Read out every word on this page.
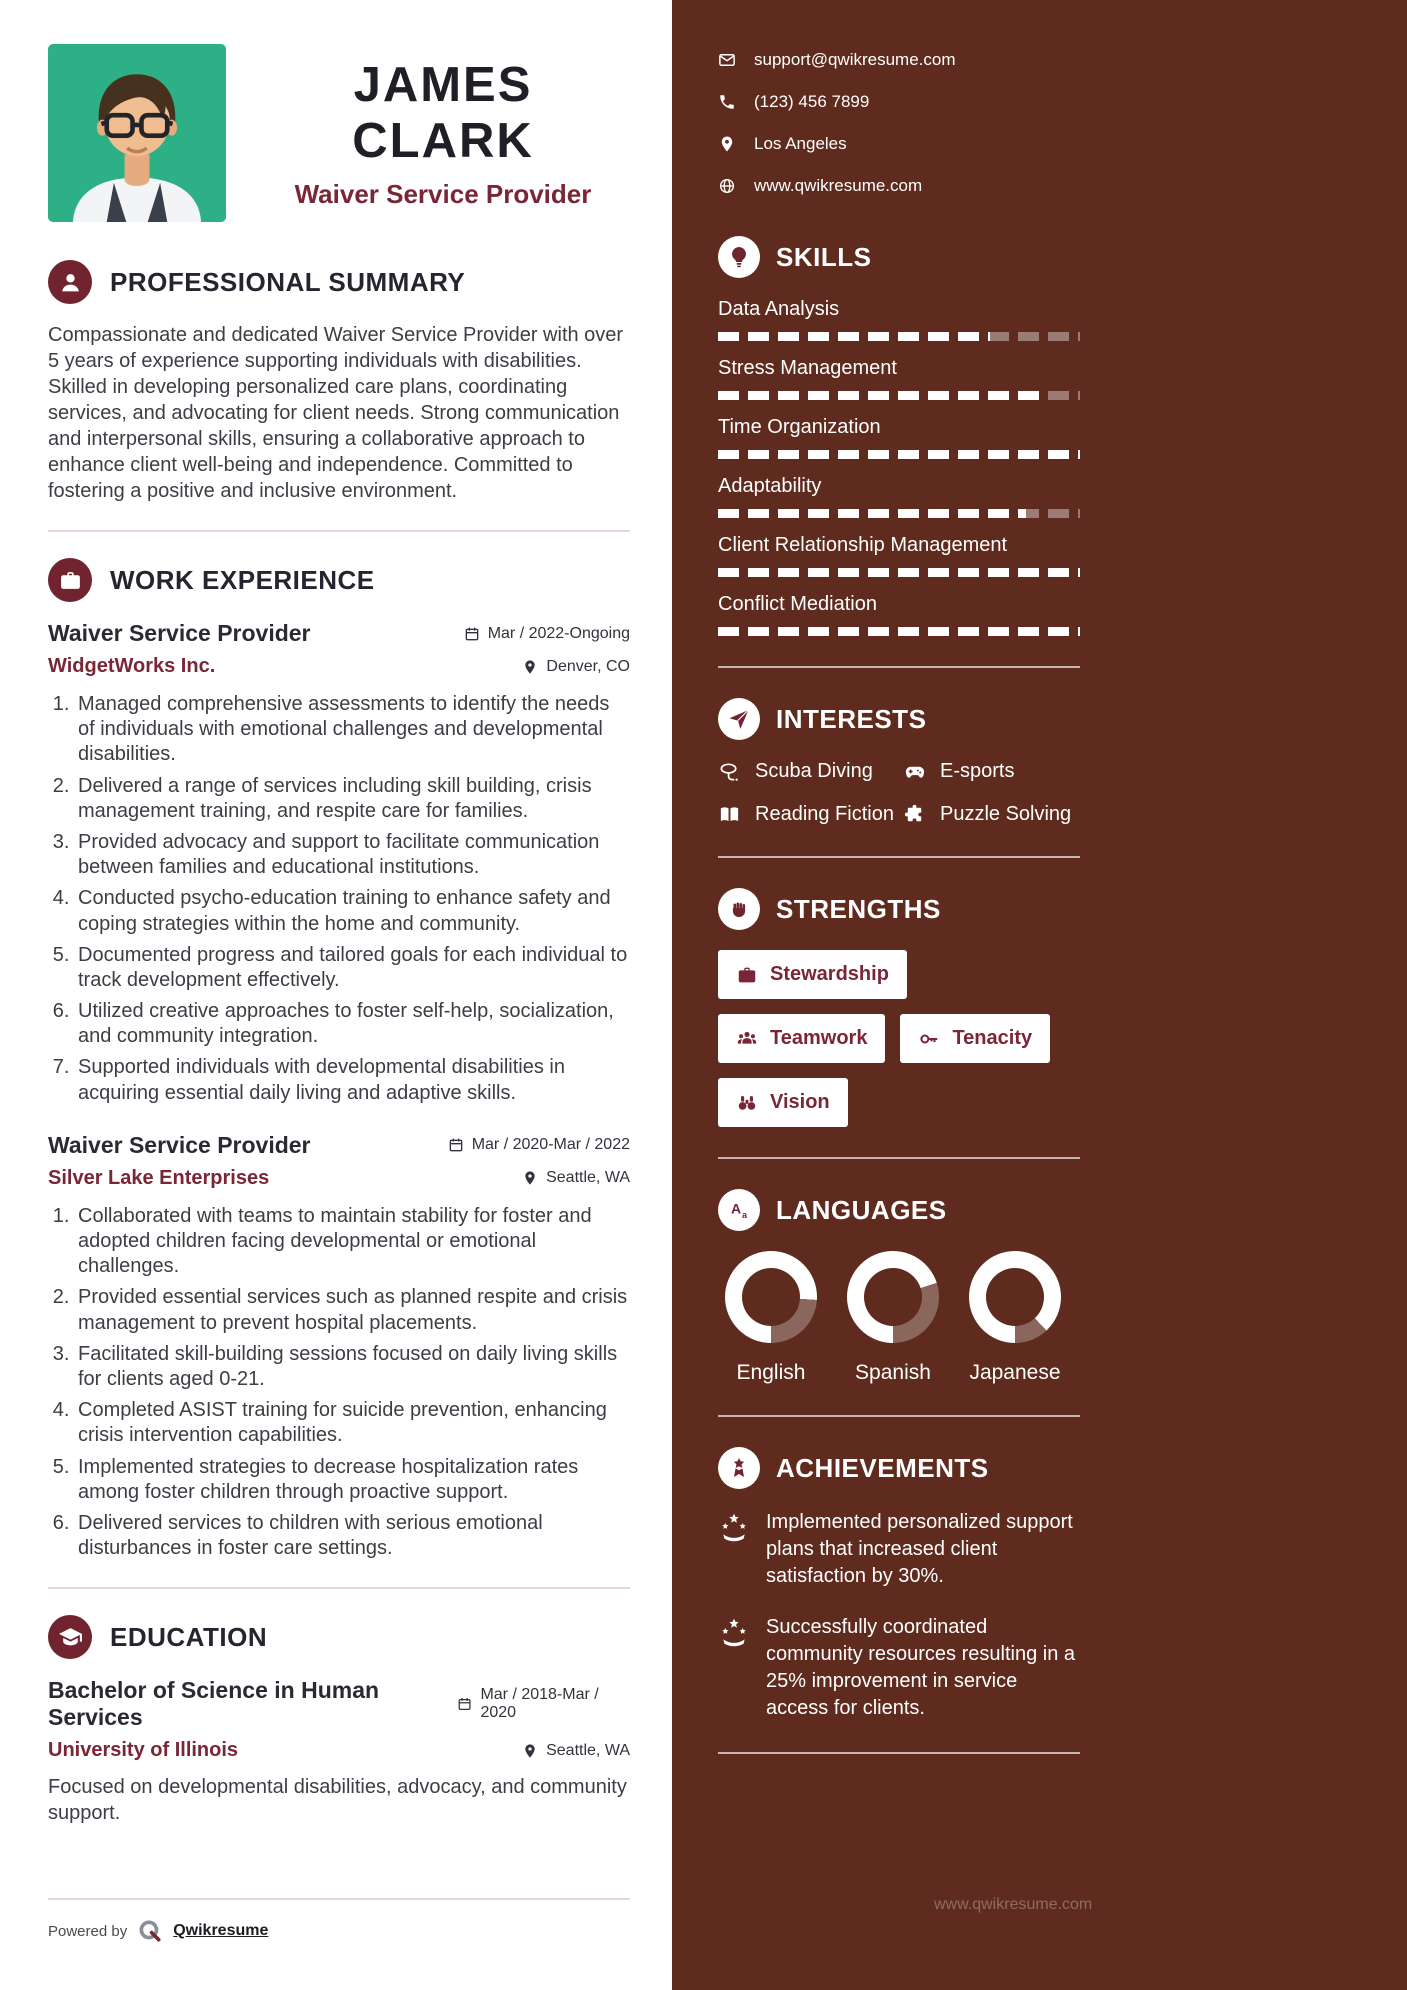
JAMES CLARK
Waiver Service Provider
PROFESSIONAL SUMMARY

Compassionate and dedicated Waiver Service Provider with over 5 years of experience supporting individuals with disabilities. Skilled in developing personalized care plans, coordinating services, and advocating for client needs. Strong communication and interpersonal skills, ensuring a collaborative approach to enhance client well-being and independence. Committed to fostering a positive and inclusive environment.

WORK EXPERIENCE
Waiver Service Provider	Mar / 2022-Ongoing
WidgetWorks Inc.	Denver, CO
1. Managed comprehensive assessments to identify the needs of individuals with emotional challenges and developmental disabilities.
2. Delivered a range of services including skill building, crisis management training, and respite care for families.
3. Provided advocacy and support to facilitate communication between families and educational institutions.
4. Conducted psycho-education training to enhance safety and coping strategies within the home and community.
5. Documented progress and tailored goals for each individual to track development effectively.
6. Utilized creative approaches to foster self-help, socialization, and community integration.
7. Supported individuals with developmental disabilities in acquiring essential daily living and adaptive skills.
Waiver Service Provider	Mar / 2020-Mar / 2022
Silver Lake Enterprises	Seattle, WA
1. Collaborated with teams to maintain stability for foster and adopted children facing developmental or emotional challenges.
2. Provided essential services such as planned respite and crisis management to prevent hospital placements.
3. Facilitated skill-building sessions focused on daily living skills for clients aged 0-21.
4. Completed ASIST training for suicide prevention, enhancing crisis intervention capabilities.
5. Implemented strategies to decrease hospitalization rates among foster children through proactive support.
6. Delivered services to children with serious emotional disturbances in foster care settings.
EDUCATION
Bachelor of Science in Human Services
Mar / 2018-Mar / 2020
University of Illinois	Seattle, WA

Focused on developmental disabilities, advocacy, and community support.

Powered by	Qwikresume
support@qwikresume.com
(123) 456 7899
Los Angeles
www.qwikresume.com
SKILLS
Data Analysis
Stress Management
Time Organization
Adaptability
Client Relationship Management
Conflict Mediation
INTERESTS
Scuba Diving	E-sports
Reading Fiction Puzzle Solving
STRENGTHS
Stewardship
Teamwork	Tenacity
Vision
A a LANGUAGES
English	Spanish	Japanese
ACHIEVEMENTS
Implemented personalized support plans that increased client satisfaction by 30%.
Successfully coordinated community resources resulting in a 25% improvement in service access for clients.
www.qwikresume.com
